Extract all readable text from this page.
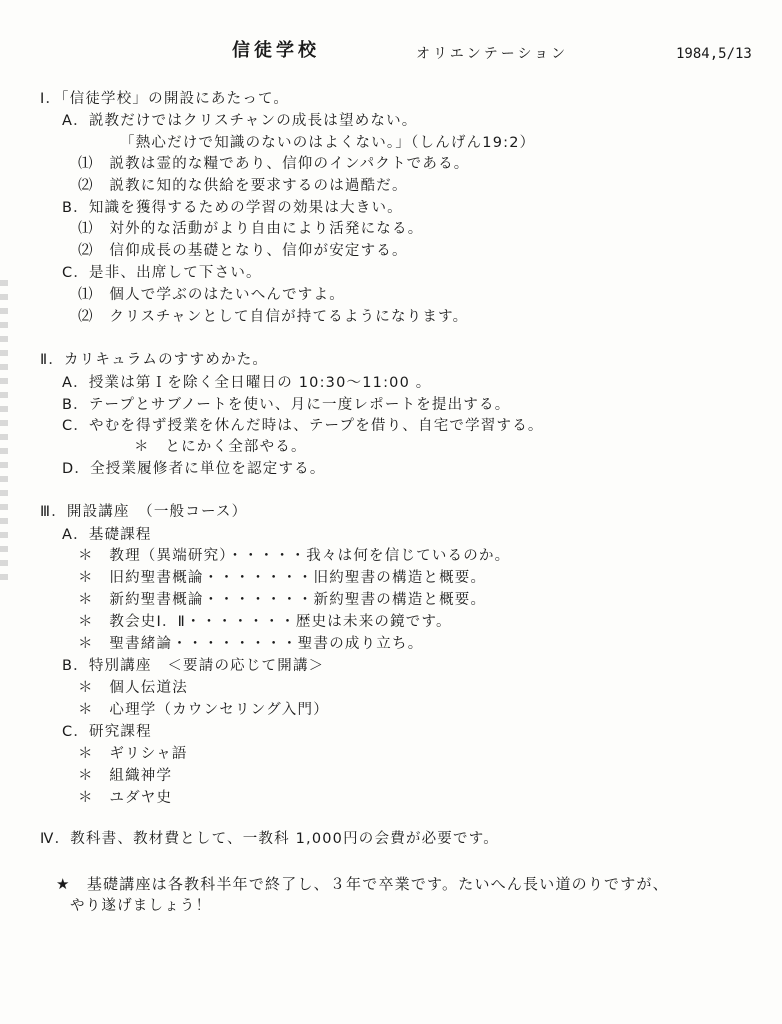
信徒学校	オリエンテーション	1984,5/13
Ⅰ．「信徒学校」の開設にあたって。
A．説教だけではクリスチャンの成長は望めない。
「熱心だけで知識のないのはよくない。」（しんげん19:2）
⑴　説教は霊的な糧であり、信仰のインパクトである。
⑵　説教に知的な供給を要求するのは過酷だ。
B．知識を獲得するための学習の効果は大きい。
⑴　対外的な活動がより自由により活発になる。
⑵　信仰成長の基礎となり、信仰が安定する。
C．是非、出席して下さい。
⑴　個人で学ぶのはたいへんですよ。
⑵　クリスチャンとして自信が持てるようになります。
Ⅱ．カリキュラムのすすめかた。
A．授業は第Ｉを除く全日曜日の 10:30～11:00 。
B．テープとサブノートを使い、月に一度レポートを提出する。
C．やむを得ず授業を休んだ時は、テープを借り、自宅で学習する。
＊　とにかく全部やる。
D．全授業履修者に単位を認定する。
Ⅲ．開設講座　（一般コース）
A．基礎課程
＊　教理（異端研究）・・・・・我々は何を信じているのか。
＊　旧約聖書概論・・・・・・・旧約聖書の構造と概要。
＊　新約聖書概論・・・・・・・新約聖書の構造と概要。
＊　教会史Ⅰ．Ⅱ・・・・・・・歴史は未来の鏡です。
＊　聖書緒論・・・・・・・・聖書の成り立ち。
B．特別講座　＜要請の応じて開講＞
＊　個人伝道法
＊　心理学（カウンセリング入門）
C．研究課程
＊　ギリシャ語
＊　組織神学
＊　ユダヤ史
Ⅳ．教科書、教材費として、一教科 1,000円の会費が必要です。
★　基礎講座は各教科半年で終了し、３年で卒業です。たいへん長い道のりですが、
やり遂げましょう！
